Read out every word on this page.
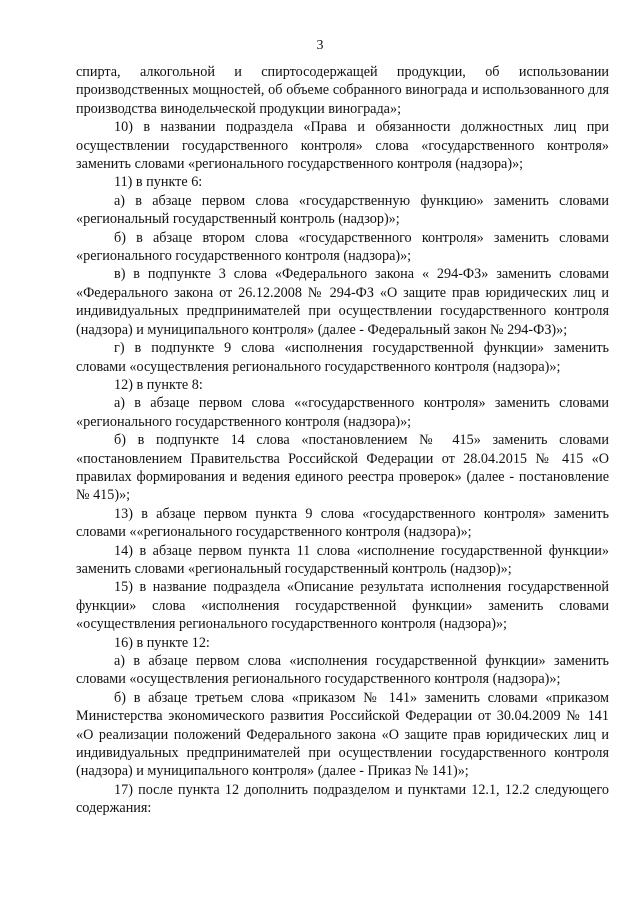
3

спирта, алкогольной и спиртосодержащей продукции, об использовании производственных мощностей, об объеме собранного винограда и использованного для производства винодельческой продукции винограда»;

10) в названии подраздела «Права и обязанности должностных лиц при осуществлении государственного контроля» слова «государственного контроля» заменить словами «регионального государственного контроля (надзора)»;

11) в пункте 6:

а) в абзаце первом слова «государственную функцию» заменить словами «региональный государственный контроль (надзор)»;

б) в абзаце втором слова «государственного контроля» заменить словами «регионального государственного контроля (надзора)»;

в) в подпункте 3 слова «Федерального закона « 294-ФЗ» заменить словами «Федерального закона от 26.12.2008 № 294-ФЗ «О защите прав юридических лиц и индивидуальных предпринимателей при осуществлении государственного контроля (надзора) и муниципального контроля» (далее - Федеральный закон № 294-ФЗ)»;

г) в подпункте 9 слова «исполнения государственной функции» заменить словами «осуществления регионального государственного контроля (надзора)»;

12) в пункте 8:

а) в абзаце первом слова ««государственного контроля» заменить словами «регионального государственного контроля (надзора)»;

б) в подпункте 14 слова «постановлением № 415» заменить словами «постановлением Правительства Российской Федерации от 28.04.2015 № 415 «О правилах формирования и ведения единого реестра проверок» (далее - постановление № 415)»;

13) в абзаце первом пункта 9 слова «государственного контроля» заменить словами ««регионального государственного контроля (надзора)»;

14) в абзаце первом пункта 11 слова «исполнение государственной функции» заменить словами «региональный государственный контроль (надзор)»;

15) в название подраздела «Описание результата исполнения государственной функции» слова «исполнения государственной функции» заменить словами «осуществления регионального государственного контроля (надзора)»;

16) в пункте 12:

а) в абзаце первом слова «исполнения государственной функции» заменить словами «осуществления регионального государственного контроля (надзора)»;

б) в абзаце третьем слова «приказом № 141» заменить словами «приказом Министерства экономического развития Российской Федерации от 30.04.2009 № 141 «О реализации положений Федерального закона «О защите прав юридических лиц и индивидуальных предпринимателей при осуществлении государственного контроля (надзора) и муниципального контроля» (далее - Приказ № 141)»;

17) после пункта 12 дополнить подразделом и пунктами 12.1, 12.2 следующего содержания:
